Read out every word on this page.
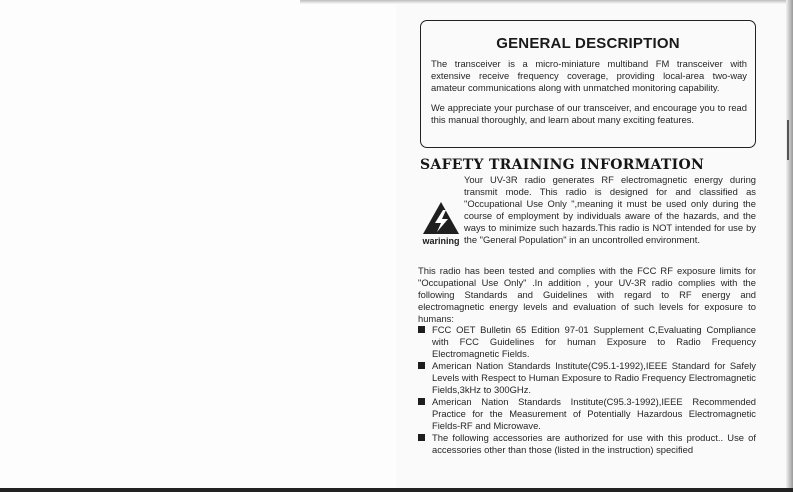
GENERAL DESCRIPTION

The transceiver is a micro-miniature multiband FM transceiver with extensive receive frequency coverage, providing local-area two-way amateur communications along with unmatched monitoring capability.

We appreciate your purchase of our transceiver, and encourage you to read this manual thoroughly, and learn about many exciting features.

SAFETY TRAINING INFORMATION
warining

Your UV-3R radio generates RF electromagnetic energy during transmit mode. This radio is designed for and classified as "Occupational Use Only ",meaning it must be used only during the course of employment by individuals aware of the hazards, and the ways to minimize such hazards.This radio is NOT intended for use by the "General Population" in an uncontrolled environment.

This radio has been tested and complies with the FCC RF exposure limits for "Occupational Use Only" .In addition , your UV-3R radio complies with the following Standards and Guidelines with regard to RF energy and electromagnetic energy levels and evaluation of such levels for exposure to humans:

FCC OET Bulletin 65 Edition 97-01 Supplement C,Evaluating Compliance with FCC Guidelines for human Exposure to Radio Frequency Electromagnetic Fields.
American Nation Standards Institute(C95.1-1992),IEEE Standard for Safely Levels with Respect to Human Exposure to Radio Frequency Electromagnetic Fields,3kHz to 300GHz.
American Nation Standards Institute(C95.3-1992),IEEE Recommended Practice for the Measurement of Potentially Hazardous Electromagnetic Fields-RF and Microwave.
The following accessories are authorized for use with this product.. Use of accessories other than those (listed in the instruction) specified
